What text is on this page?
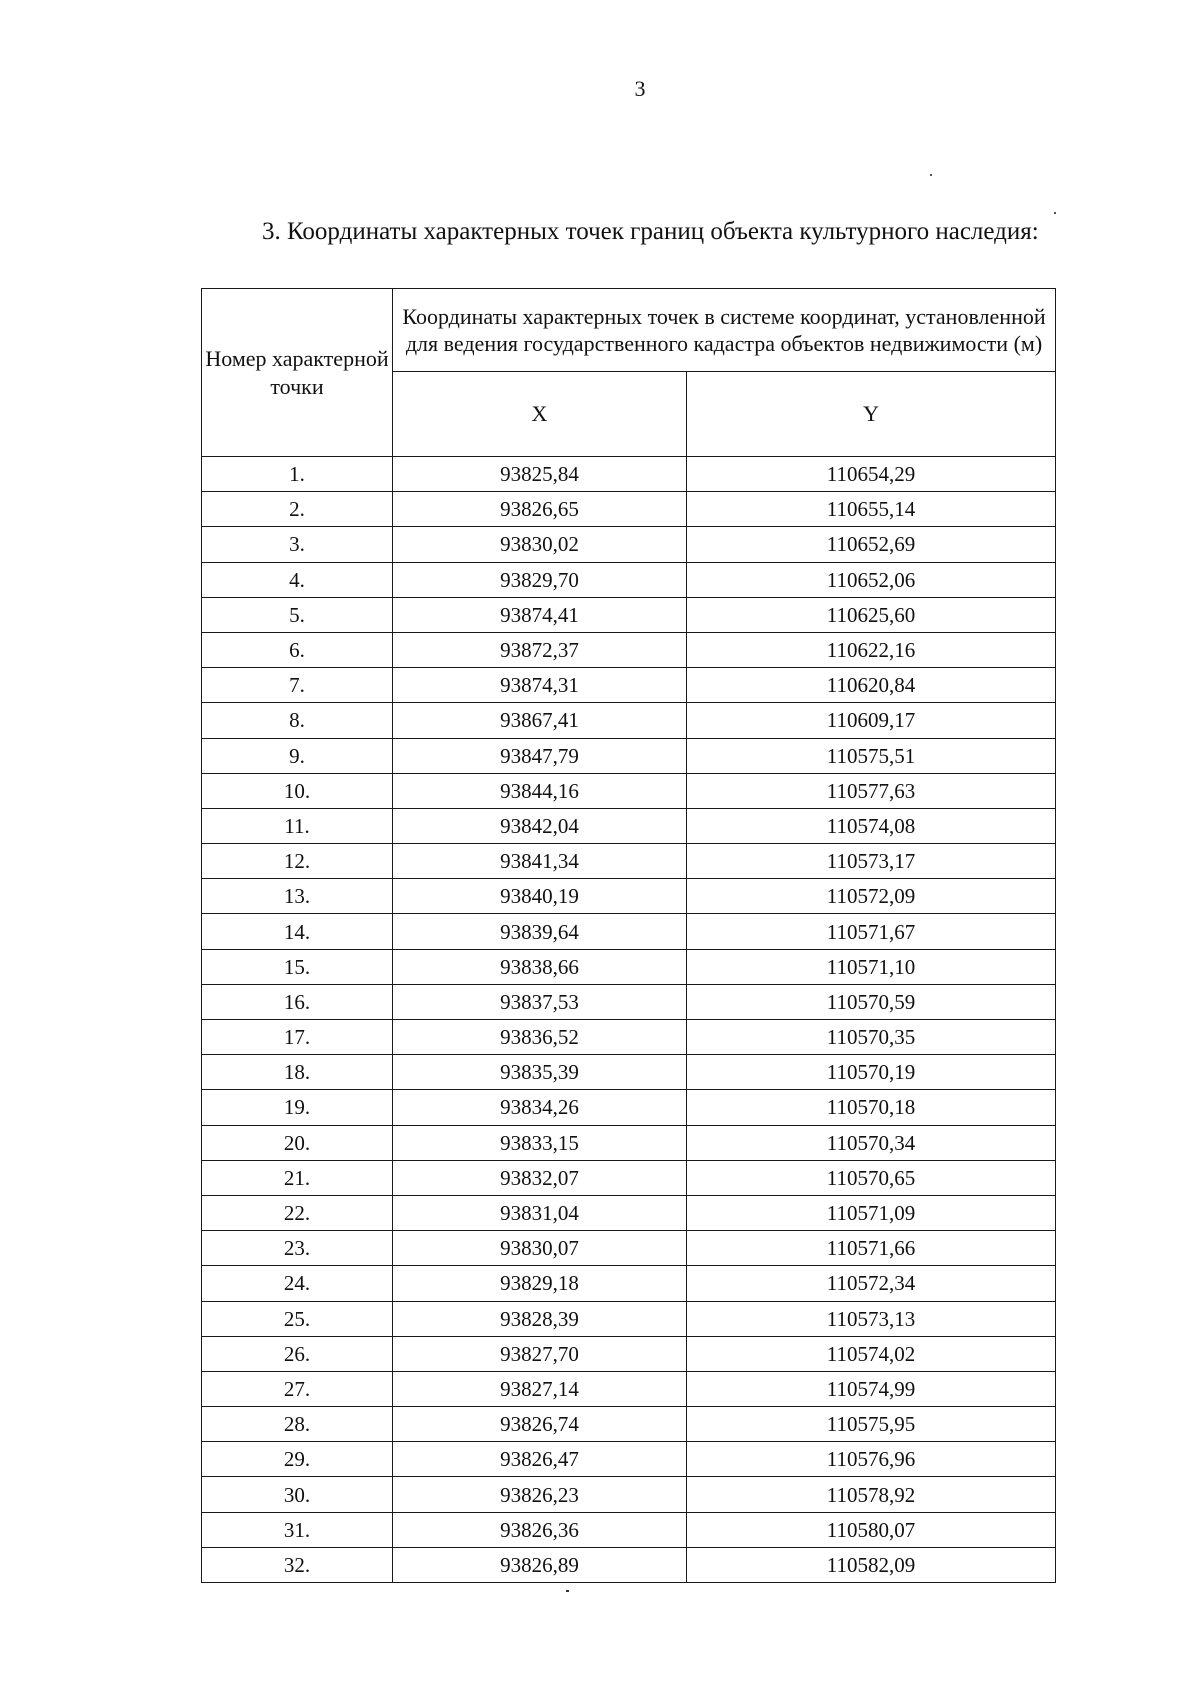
3
3. Координаты характерных точек границ объекта культурного наследия:
Номер характерной точки	Координаты характерных точек в системе координат, установленной для ведения государственного кадастра объектов недвижимости (м)	
	X	Y
1.	93825,84	110654,29
2.	93826,65	110655,14
3.	93830,02	110652,69
4.	93829,70	110652,06
5.	93874,41	110625,60
6.	93872,37	110622,16
7.	93874,31	110620,84
8.	93867,41	110609,17
9.	93847,79	110575,51
10.	93844,16	110577,63
11.	93842,04	110574,08
12.	93841,34	110573,17
13.	93840,19	110572,09
14.	93839,64	110571,67
15.	93838,66	110571,10
16.	93837,53	110570,59
17.	93836,52	110570,35
18.	93835,39	110570,19
19.	93834,26	110570,18
20.	93833,15	110570,34
21.	93832,07	110570,65
22.	93831,04	110571,09
23.	93830,07	110571,66
24.	93829,18	110572,34
25.	93828,39	110573,13
26.	93827,70	110574,02
27.	93827,14	110574,99
28.	93826,74	110575,95
29.	93826,47	110576,96
30.	93826,23	110578,92
31.	93826,36	110580,07
32.	93826,89	110582,09
